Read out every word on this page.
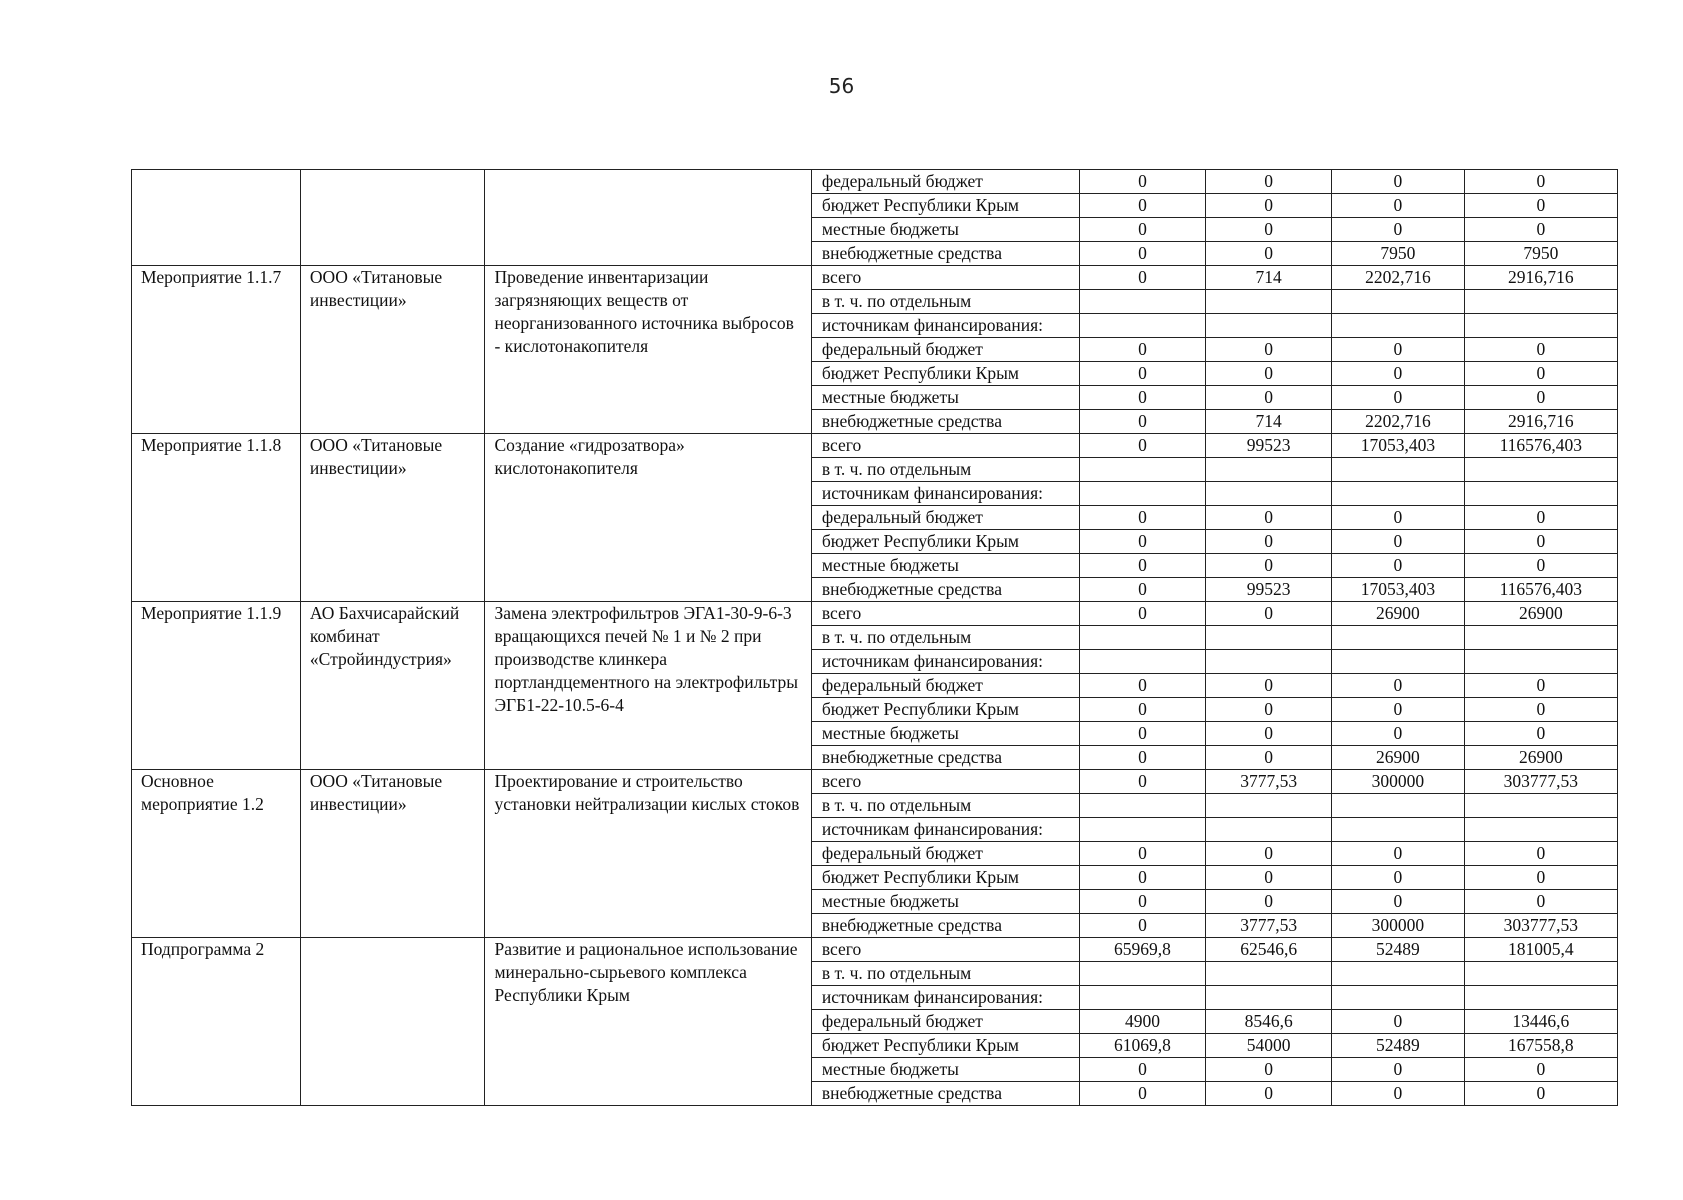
56
			федеральный бюджет	0	0	0	0
			бюджет Республики Крым	0	0	0	0
			местные бюджеты	0	0	0	0
			внебюджетные средства	0	0	7950	7950
Мероприятие 1.1.7	ООО «Титановые инвестиции»	Проведение инвентаризации загрязняющих веществ от неорганизованного источника выбросов - кислотонакопителя	всего	0	714	2202,716	2916,716
			в т. ч. по отдельным				
			источникам финансирования:				
			федеральный бюджет	0	0	0	0
			бюджет Республики Крым	0	0	0	0
			местные бюджеты	0	0	0	0
			внебюджетные средства	0	714	2202,716	2916,716
Мероприятие 1.1.8	ООО «Титановые инвестиции»	Создание «гидрозатвора» кислотонакопителя	всего	0	99523	17053,403	116576,403
			в т. ч. по отдельным				
			источникам финансирования:				
			федеральный бюджет	0	0	0	0
			бюджет Республики Крым	0	0	0	0
			местные бюджеты	0	0	0	0
			внебюджетные средства	0	99523	17053,403	116576,403
Мероприятие 1.1.9	АО Бахчисарайский комбинат «Стройиндустрия»	Замена электрофильтров ЭГА1-30-9-6-3 вращающихся печей № 1 и № 2 при производстве клинкера портландцементного на электрофильтры ЭГБ1-22-10.5-6-4	всего	0	0	26900	26900
			в т. ч. по отдельным				
			источникам финансирования:				
			федеральный бюджет	0	0	0	0
			бюджет Республики Крым	0	0	0	0
			местные бюджеты	0	0	0	0
			внебюджетные средства	0	0	26900	26900
Основное мероприятие 1.2	ООО «Титановые инвестиции»	Проектирование и строительство установки нейтрализации кислых стоков	всего	0	3777,53	300000	303777,53
			в т. ч. по отдельным				
			источникам финансирования:				
			федеральный бюджет	0	0	0	0
			бюджет Республики Крым	0	0	0	0
			местные бюджеты	0	0	0	0
			внебюджетные средства	0	3777,53	300000	303777,53
Подпрограмма 2		Развитие и рациональное использование минерально-сырьевого комплекса Республики Крым	всего	65969,8	62546,6	52489	181005,4
			в т. ч. по отдельным				
			источникам финансирования:				
			федеральный бюджет	4900	8546,6	0	13446,6
			бюджет Республики Крым	61069,8	54000	52489	167558,8
			местные бюджеты	0	0	0	0
			внебюджетные средства	0	0	0	0
